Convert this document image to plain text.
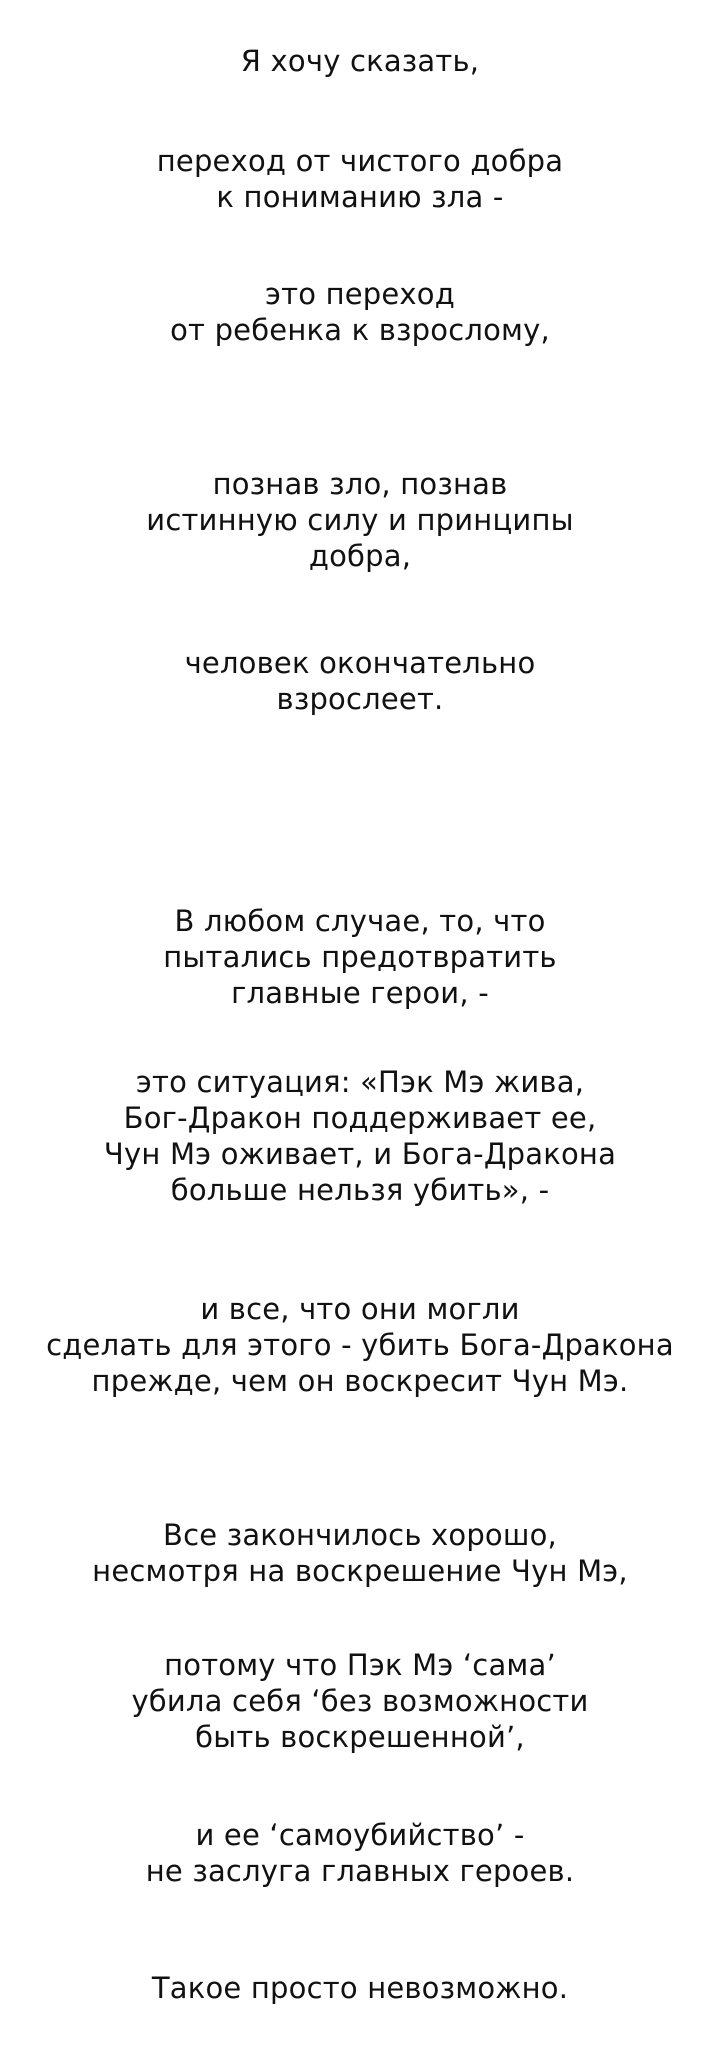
Я хочу сказать,
переход от чистого добра
к пониманию зла -
это переход
от ребенка к взрослому,
познав зло, познав
истинную силу и принципы
добра,
человек окончательно
взрослеет.
В любом случае, то, что
пытались предотвратить
главные герои, -
это ситуация: «Пэк Мэ жива,
Бог-Дракон поддерживает ее,
Чун Мэ оживает, и Бога-Дракона
больше нельзя убить», -
и все, что они могли
сделать для этого - убить Бога-Дракона
прежде, чем он воскресит Чун Мэ.
Все закончилось хорошо,
несмотря на воскрешение Чун Мэ,
потому что Пэк Мэ ‘сама’
убила себя ‘без возможности
быть воскрешенной’,
и ее ‘самоубийство’ -
не заслуга главных героев.
Такое просто невозможно.
